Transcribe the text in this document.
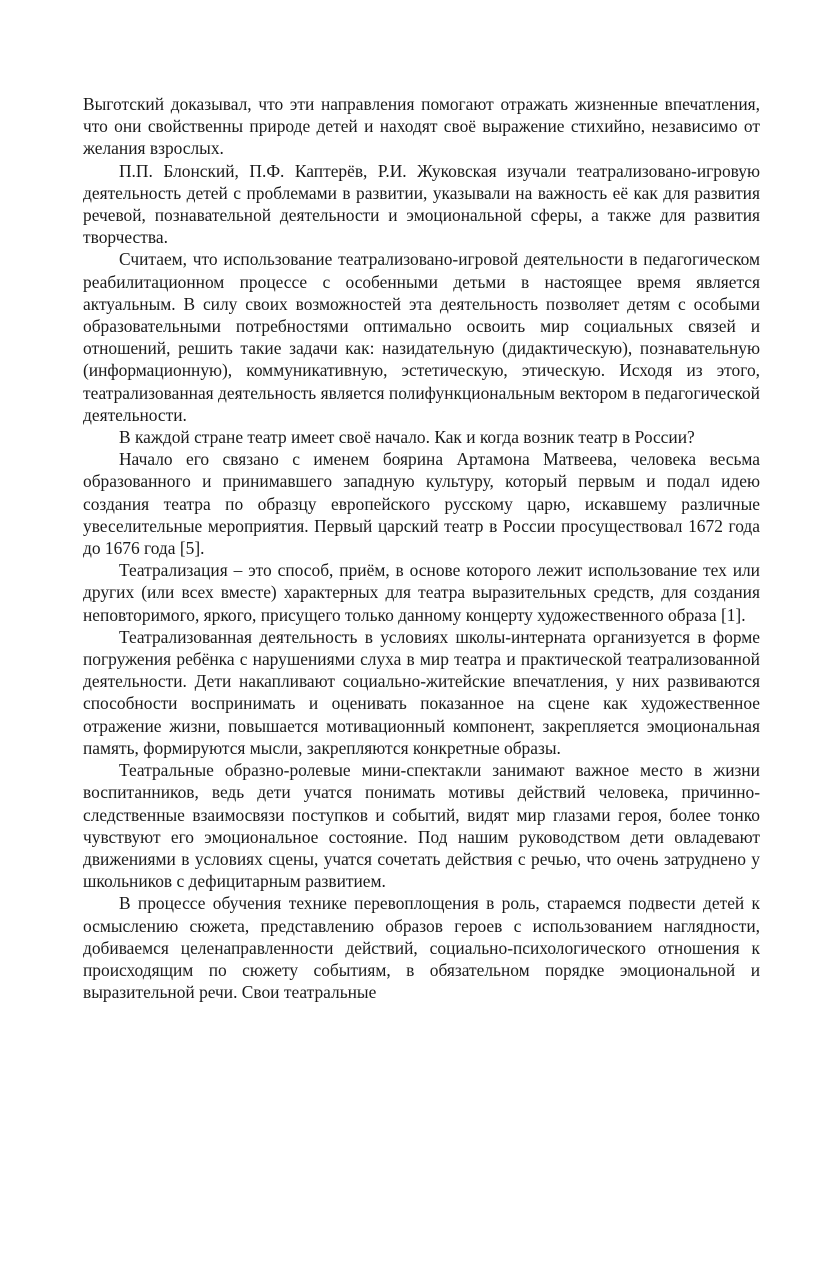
Выготский доказывал, что эти направления помогают отражать жизненные впечатления, что они свойственны природе детей и находят своё выражение стихийно, независимо от желания взрослых.

П.П. Блонский, П.Ф. Каптерёв, Р.И. Жуковская изучали театрализовано-игровую деятельность детей с проблемами в развитии, указывали на важность её как для развития речевой, познавательной деятельности и эмоциональной сферы, а также для развития творчества.

Считаем, что использование театрализовано-игровой деятельности в педагогическом реабилитационном процессе с особенными детьми в настоящее время является актуальным. В силу своих возможностей эта деятельность позволяет детям с особыми образовательными потребностями оптимально освоить мир социальных связей и отношений, решить такие задачи как: назидательную (дидактическую), познавательную (информационную), коммуникативную, эстетическую, этическую. Исходя из этого, театрализованная деятельность является полифункциональным вектором в педагогической деятельности.

В каждой стране театр имеет своё начало. Как и когда возник театр в России?

Начало его связано с именем боярина Артамона Матвеева, человека весьма образованного и принимавшего западную культуру, который первым и подал идею создания театра по образцу европейского русскому царю, искавшему различные увеселительные мероприятия. Первый царский театр в России просуществовал 1672 года до 1676 года [5].

Театрализация – это способ, приём, в основе которого лежит использование тех или других (или всех вместе) характерных для театра выразительных средств, для создания неповторимого, яркого, присущего только данному концерту художественного образа [1].

Театрализованная деятельность в условиях школы-интерната организуется в форме погружения ребёнка с нарушениями слуха в мир театра и практической театрализованной деятельности. Дети накапливают социально-житейские впечатления, у них развиваются способности воспринимать и оценивать показанное на сцене как художественное отражение жизни, повышается мотивационный компонент, закрепляется эмоциональная память, формируются мысли, закрепляются конкретные образы.

Театральные образно-ролевые мини-спектакли занимают важное место в жизни воспитанников, ведь дети учатся понимать мотивы действий человека, причинно-следственные взаимосвязи поступков и событий, видят мир глазами героя, более тонко чувствуют его эмоциональное состояние. Под нашим руководством дети овладевают движениями в условиях сцены, учатся сочетать действия с речью, что очень затруднено у школьников с дефицитарным развитием.

В процессе обучения технике перевоплощения в роль, стараемся подвести детей к осмыслению сюжета, представлению образов героев с использованием наглядности, добиваемся целенаправленности действий, социально-психологического отношения к происходящим по сюжету событиям, в обязательном порядке эмоциональной и выразительной речи. Свои театральные
